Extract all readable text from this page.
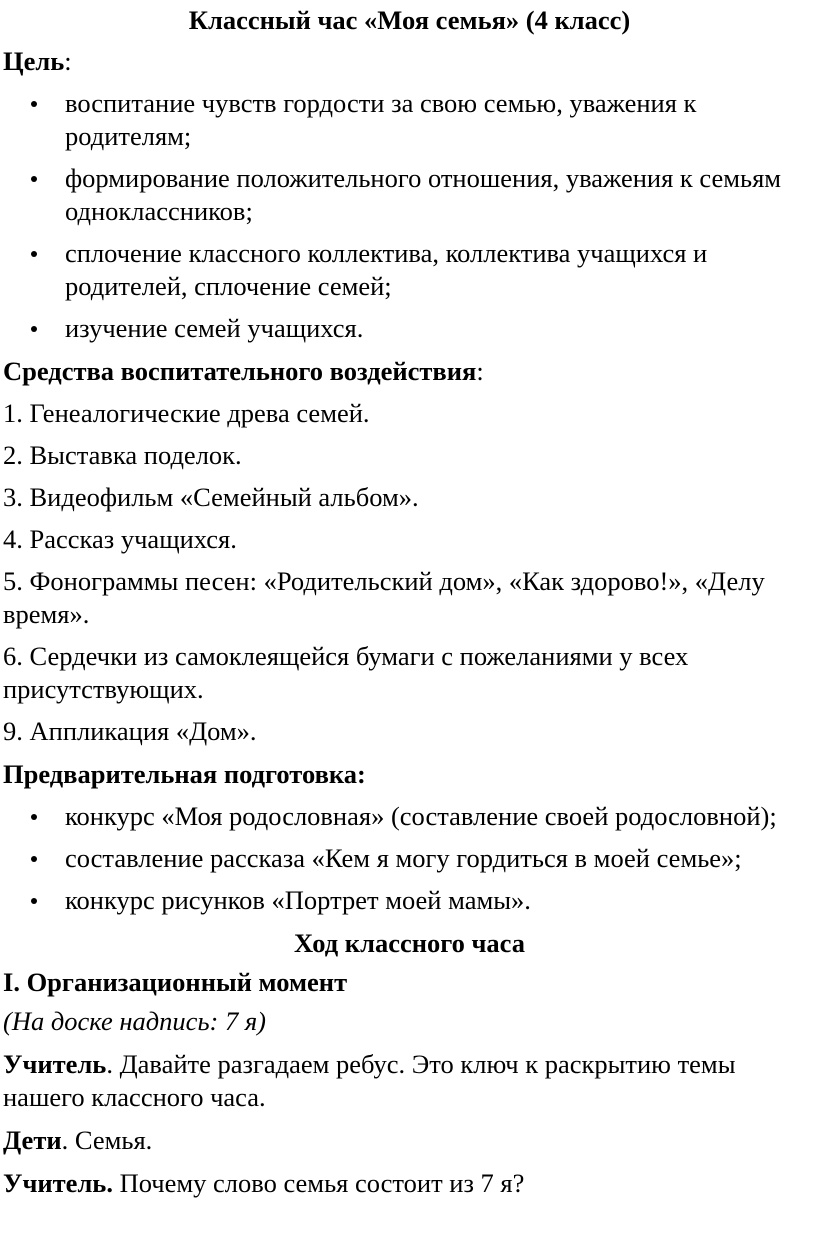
Классный час «Моя семья» (4 класс)

Цель:

воспитание чувств гордости за свою семью, уважения к родителям;
формирование положительного отношения, уважения к семьям одноклассников;
сплочение классного коллектива, коллектива учащихся и родителей, сплочение семей;
изучение семей учащихся.

Средства воспитательного воздействия:

1. Генеалогические древа семей.
2. Выставка поделок.
3. Видеофильм «Семейный альбом».
4. Рассказ учащихся.
5. Фонограммы песен: «Родительский дом», «Как здорово!», «Делу время».
6. Сердечки из самоклеящейся бумаги с пожеланиями у всех присутствующих.
9. Аппликация «Дом».

Предварительная подготовка:

конкурс «Моя родословная» (составление своей родословной);
составление рассказа «Кем я могу гордиться в моей семье»;
конкурс рисунков «Портрет моей мамы».

Ход классного часа

I. Организационный момент

(На доске надпись: 7 я)

Учитель. Давайте разгадаем ребус. Это ключ к раскрытию темы нашего классного часа.

Дети. Семья.

Учитель. Почему слово семья состоит из 7 я?
